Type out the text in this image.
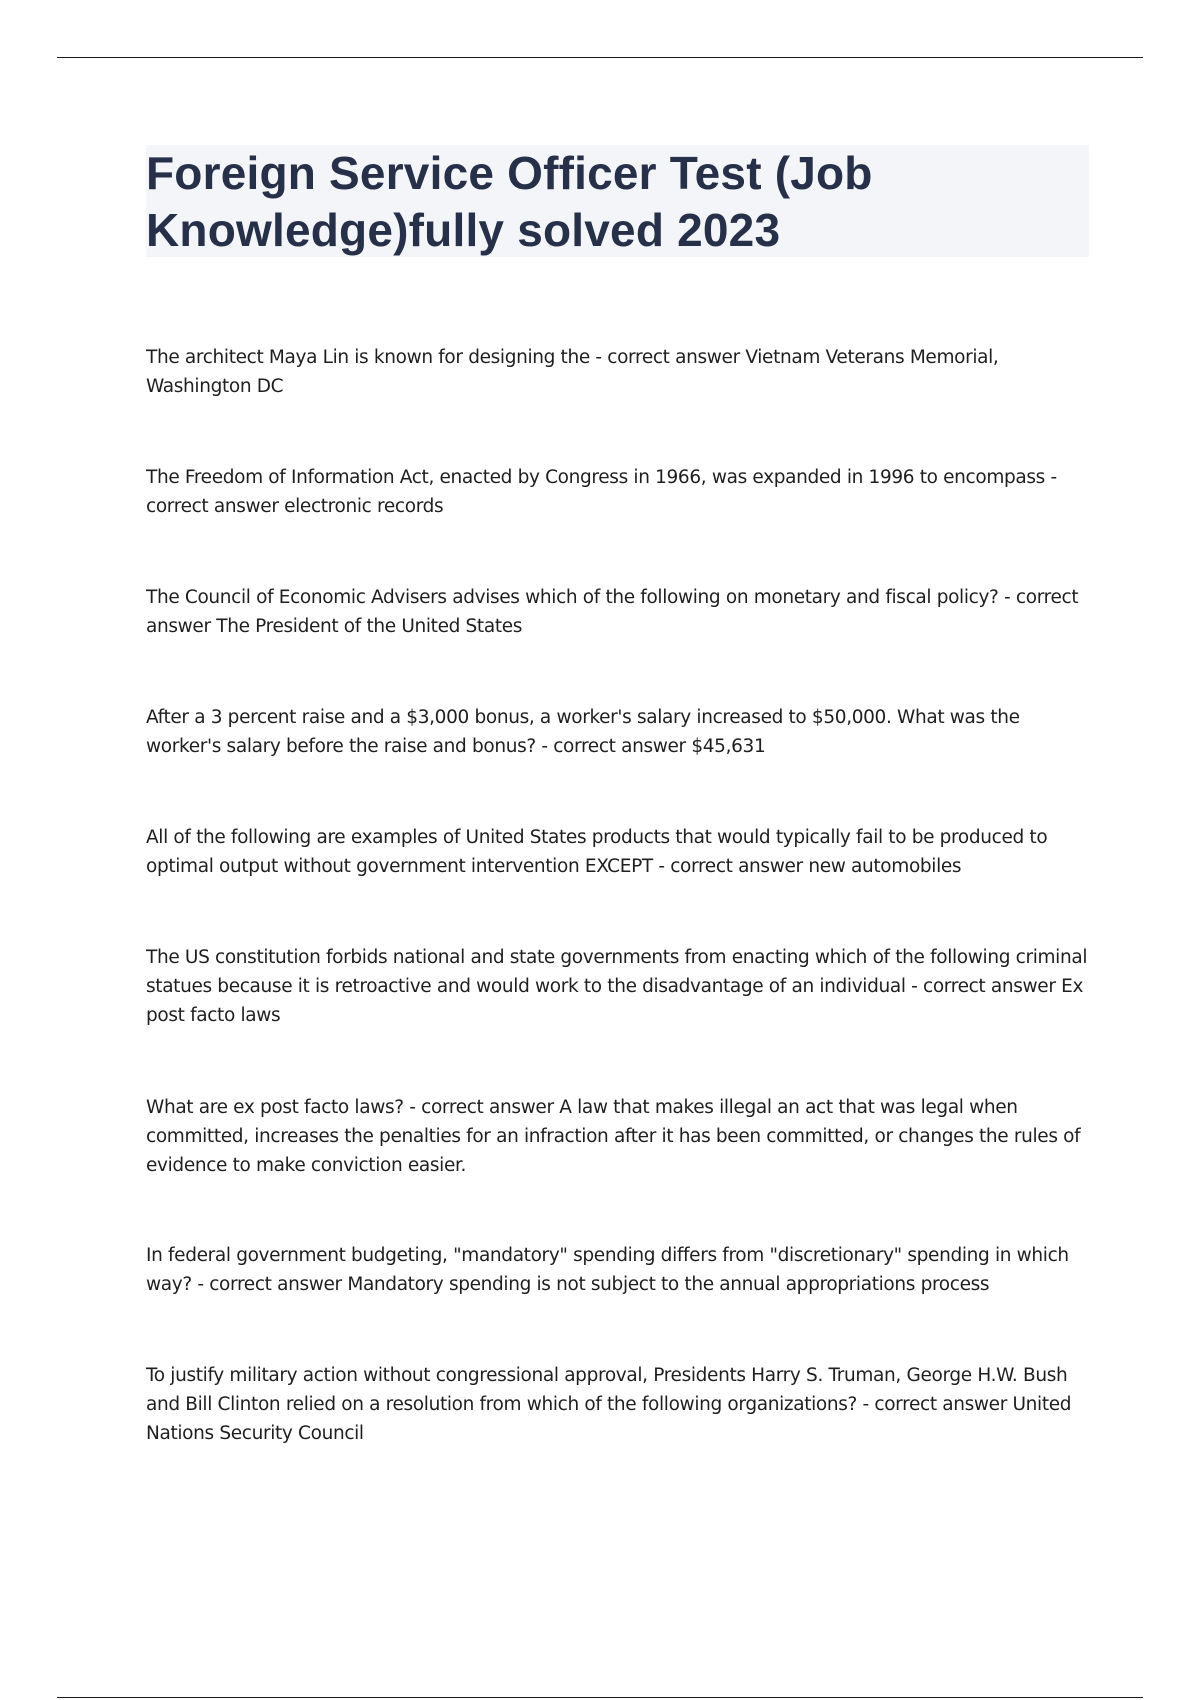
Foreign Service Officer Test (Job Knowledge)fully solved 2023

The architect Maya Lin is known for designing the - correct answer Vietnam Veterans Memorial, Washington DC

The Freedom of Information Act, enacted by Congress in 1966, was expanded in 1996 to encompass - correct answer electronic records

The Council of Economic Advisers advises which of the following on monetary and fiscal policy? - correct answer The President of the United States

After a 3 percent raise and a $3,000 bonus, a worker's salary increased to $50,000. What was the worker's salary before the raise and bonus? - correct answer $45,631

All of the following are examples of United States products that would typically fail to be produced to optimal output without government intervention EXCEPT - correct answer new automobiles

The US constitution forbids national and state governments from enacting which of the following criminal statues because it is retroactive and would work to the disadvantage of an individual - correct answer Ex post facto laws

What are ex post facto laws? - correct answer A law that makes illegal an act that was legal when committed, increases the penalties for an infraction after it has been committed, or changes the rules of evidence to make conviction easier.

In federal government budgeting, "mandatory" spending differs from "discretionary" spending in which way? - correct answer Mandatory spending is not subject to the annual appropriations process

To justify military action without congressional approval, Presidents Harry S. Truman, George H.W. Bush and Bill Clinton relied on a resolution from which of the following organizations? - correct answer United Nations Security Council
